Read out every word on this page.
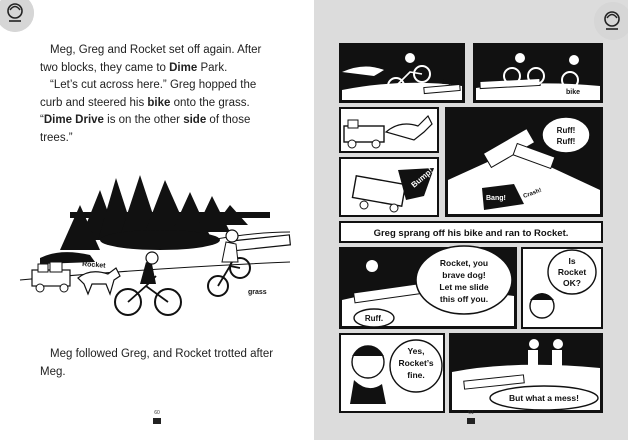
Meg, Greg and Rocket set off again. After two blocks, they came to Dime Park.

“Let’s cut across here.” Greg hopped the curb and steered his bike onto the grass. “Dime Drive is on the other side of those trees.”

Rocket
grass

Meg followed Greg, and Rocket trotted after Meg.

60
log
bike
Ruff!
Ruff!
Bump!
Bang!	Crash!
Greg sprang off his bike and ran to Rocket.
Rocket, you
brave dog!
Let me slide
this off you.
Ruff.
Is
Rocket
OK?
Yes,
Rocket’s
fine.
But what a mess!
61
